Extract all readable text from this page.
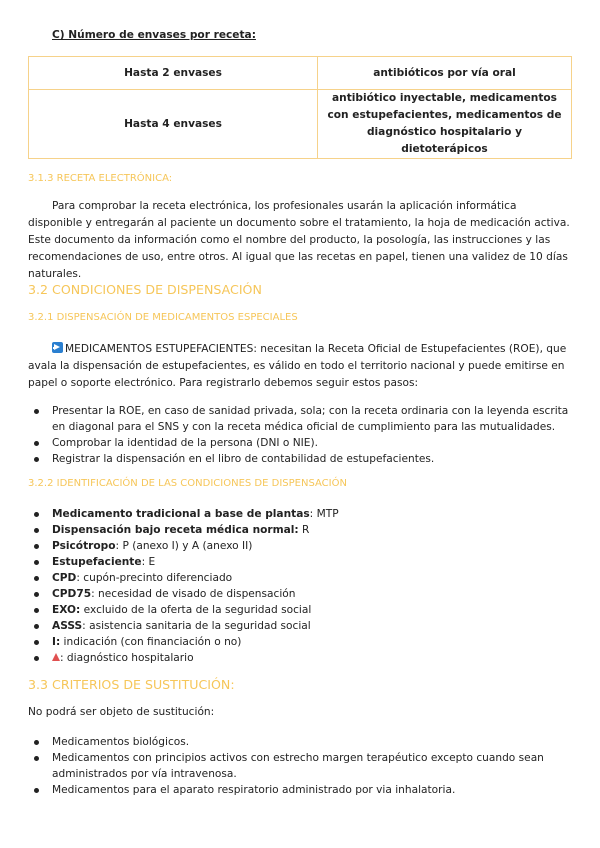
C) Número de envases por receta:
Hasta 2 envases	antibióticos por vía oral
Hasta 4 envases	antibiótico inyectable, medicamentos con estupefacientes, medicamentos de diagnóstico hospitalario y dietoterápicos
3.1.3 RECETA ELECTRÓNICA:
Para comprobar la receta electrónica, los profesionales usarán la aplicación informática disponible y entregarán al paciente un documento sobre el tratamiento, la hoja de medicación activa. Este documento da información como el nombre del producto, la posología, las instrucciones y las recomendaciones de uso, entre otros. Al igual que las recetas en papel, tienen una validez de 10 días naturales.
3.2 CONDICIONES DE DISPENSACIÓN
3.2.1 DISPENSACIÓN DE MEDICAMENTOS ESPECIALES
MEDICAMENTOS ESTUPEFACIENTES: necesitan la Receta Oficial de Estupefacientes (ROE), que avala la dispensación de estupefacientes, es válido en todo el territorio nacional y puede emitirse en papel o soporte electrónico. Para registrarlo debemos seguir estos pasos:
Presentar la ROE, en caso de sanidad privada, sola; con la receta ordinaria con la leyenda escrita en diagonal para el SNS y con la receta médica oficial de cumplimiento para las mutualidades.
Comprobar la identidad de la persona (DNI o NIE).
Registrar la dispensación en el libro de contabilidad de estupefacientes.
3.2.2 IDENTIFICACIÓN DE LAS CONDICIONES DE DISPENSACIÓN
Medicamento tradicional a base de plantas: MTP
Dispensación bajo receta médica normal: R
Psicótropo: P (anexo I) y A (anexo II)
Estupefaciente: E
CPD: cupón-precinto diferenciado
CPD75: necesidad de visado de dispensación
EXO: excluido de la oferta de la seguridad social
ASSS: asistencia sanitaria de la seguridad social
I: indicación (con financiación o no)
: diagnóstico hospitalario
3.3 CRITERIOS DE SUSTITUCIÓN:
No podrá ser objeto de sustitución:
Medicamentos biológicos.
Medicamentos con principios activos con estrecho margen terapéutico excepto cuando sean administrados por vía intravenosa.
Medicamentos para el aparato respiratorio administrado por via inhalatoria.
